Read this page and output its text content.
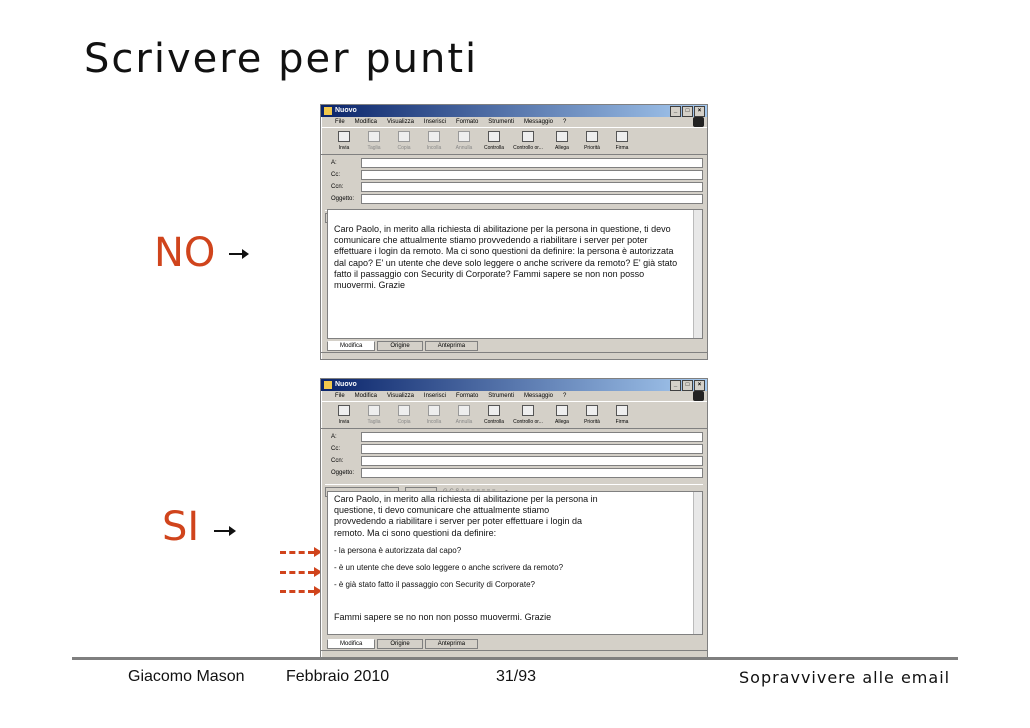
Scrivere per punti
NO
SI
Nuovo	_	□	×
File Modifica Visualizza Inserisci Formato Strumenti Messaggio ?
Invia	Taglia	Copia	Incolla	Annulla	Controlla	Controllo or...	Allega	Priorità	Firma
A:
Cc:
Ccn:
Oggetto:

Caro Paolo, in merito alla richiesta di abilitazione per la persona in questione, ti devo comunicare che attualmente stiamo provvedendo a riabilitare i server per poter effettuare i login da remoto. Ma ci sono questioni da definire: la persona è autorizzata dal capo? E' un utente che deve solo leggere o anche scrivere da remoto? E' già stato fatto il passaggio con Security di Corporate? Fammi sapere se non non posso muovermi. Grazie

Modifica	Origine	Anteprima
Nuovo	_	□	×
File Modifica Visualizza Inserisci Formato Strumenti Messaggio ?
Invia	Taglia	Copia	Incolla	Annulla	Controlla	Controllo or...	Allega	Priorità	Firma
A:
Cc:
Ccn:
Oggetto:

Caro Paolo, in merito alla richiesta di abilitazione per la persona in questione, ti devo comunicare che attualmente stiamo provvedendo a riabilitare i server per poter effettuare i login da remoto. Ma ci sono questioni da definire:

- la persona è autorizzata dal capo?

- è un utente che deve solo leggere o anche scrivere da remoto?

- è già stato fatto il passaggio con Security di Corporate?

Fammi sapere se no non non posso muovermi. Grazie

Modifica	Origine	Anteprima
Giacomo Mason	Febbraio 2010	31/93	Sopravvivere alle email
